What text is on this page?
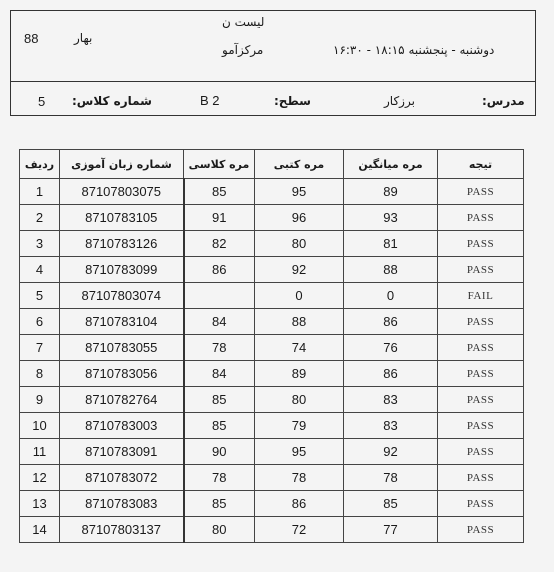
88	بهار
لیست ن
مرکزآمو	دوشنبه - پنجشنبه ۱۸:۱۵ - ۱۶:۳۰
5 شماره کلاس:	B 2	سطح:	برزکار	مدرس:
ردیف	شماره زبان آموزی	مره کلاسی	مره کتبی	مره میانگین	تیجه
1	87107803075	85	95	89	PASS
2	8710783105	91	96	93	PASS
3	8710783126	82	80	81	PASS
4	8710783099	86	92	88	PASS
5	87107803074		0	0	FAIL
6	8710783104	84	88	86	PASS
7	8710783055	78	74	76	PASS
8	8710783056	84	89	86	PASS
9	8710782764	85	80	83	PASS
10	8710783003	85	79	83	PASS
11	8710783091	90	95	92	PASS
12	8710783072	78	78	78	PASS
13	8710783083	85	86	85	PASS
14	87107803137	80	72	77	PASS
